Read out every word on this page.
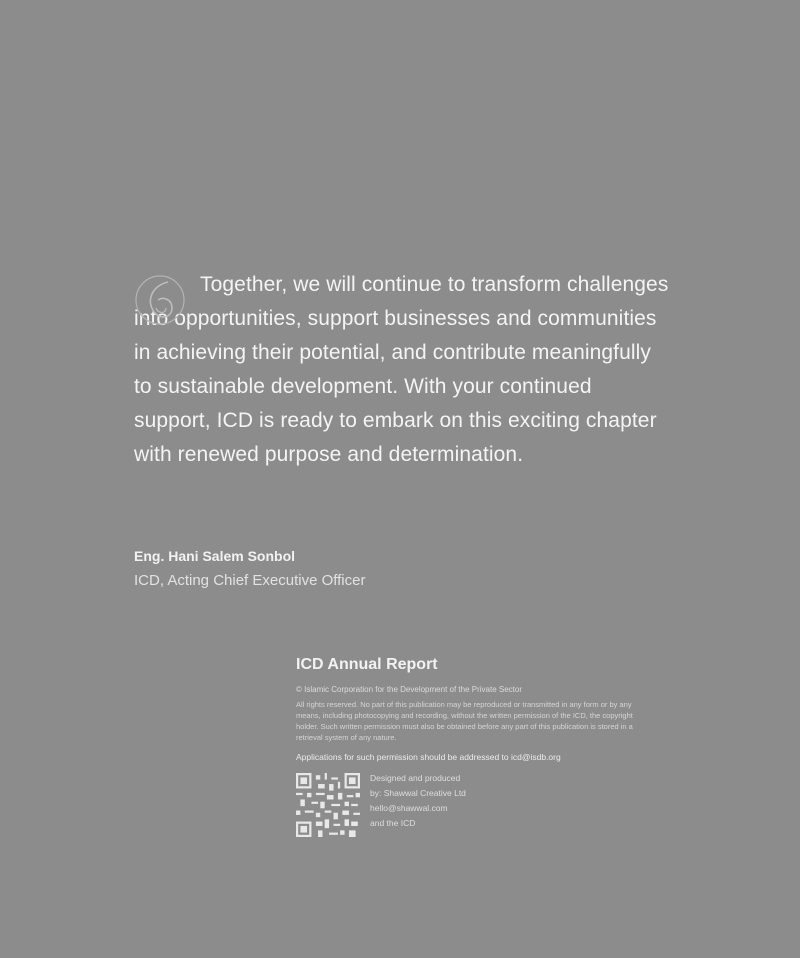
Together, we will continue to transform challenges into opportunities, support businesses and communities in achieving their potential, and contribute meaningfully to sustainable development. With your continued support, ICD is ready to embark on this exciting chapter with renewed purpose and determination.

Eng. Hani Salem Sonbol
ICD, Acting Chief Executive Officer
ICD Annual Report
© Islamic Corporation for the Development of the Private Sector
All rights reserved. No part of this publication may be reproduced or transmitted in any form or by any means, including photocopying and recording, without the written permission of the ICD, the copyright holder. Such written permission must also be obtained before any part of this publication is stored in a retrieval system of any nature.
Applications for such permission should be addressed to icd@isdb.org
Designed and produced
by: Shawwal Creative Ltd
hello@shawwal.com
and the ICD
